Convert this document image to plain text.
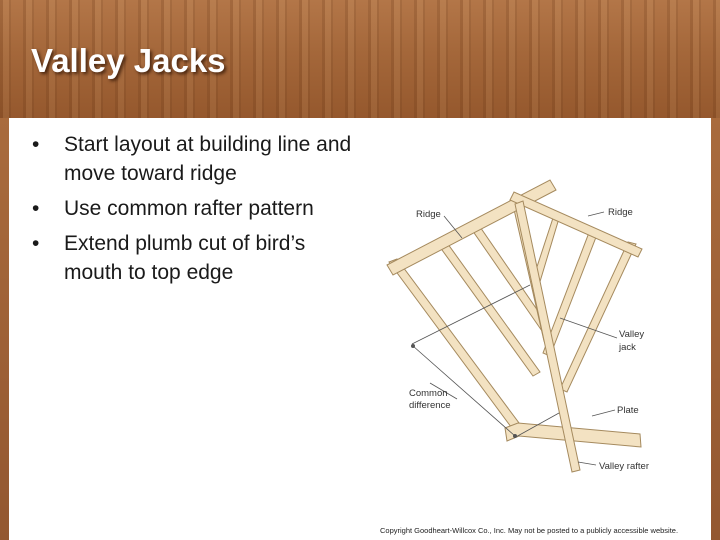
Valley Jacks
• Start layout at building line and move toward ridge
• Use common rafter pattern
• Extend plumb cut of bird’s mouth to top edge
Ridge	Ridge
Valley
jack
Common
difference	Plate
Valley rafter

Copyright Goodheart-Willcox Co., Inc. May not be posted to a publicly accessible website.
